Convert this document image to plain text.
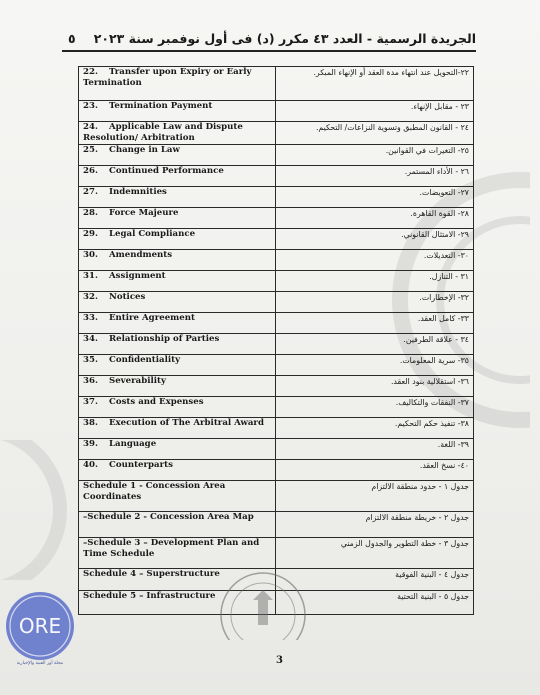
الجريدة الرسمية - العدد ٤٣ مكرر (د) فى أول نوفمبر سنة ٢٠٢٣
٥
22. Transfer upon Expiry or Early Termination	٢٢-التحويل عند انتهاء مدة العقد أو الإنهاء المبكر.
23. Termination Payment	٢٣ - مقابل الإنهاء.
24. Applicable Law and Dispute Resolution/ Arbitration	٢٤ - القانون المطبق وتسوية النزاعات/ التحكيم.
25. Change in Law	٢٥- التغيرات في القوانين.
26. Continued Performance	٢٦ - الأداء المستمر.
27. Indemnities	٢٧- التعويضات.
28. Force Majeure	٢٨- القوة القاهرة.
29. Legal Compliance	٢٩- الامتثال القانوني.
30. Amendments	٣٠- التعديلات.
31. Assignment	٣١ - التنازل.
32. Notices	٣٢- الإخطارات.
33. Entire Agreement	٣٣- كامل العقد.
34. Relationship of Parties	٣٤ - علاقة الطرفين.
35. Confidentiality	٣٥- سرية المعلومات.
36. Severability	٣٦- استقلالية بنود العقد.
37. Costs and Expenses	٣٧- النفقات والتكاليف.
38. Execution of The Arbitral Award	٣٨- تنفيذ حكم التحكيم.
39. Language	٣٩- اللغة.
40. Counterparts	٤٠- نسخ العقد.
Schedule 1 - Concession Area Coordinates	جدول ١ - حدود منطقة الالتزام
–Schedule 2 - Concession Area Map	جدول ٢ - خريطة منطقة الالتزام
–Schedule 3 – Development Plan and Time Schedule	جدول ٣ - خطة التطوير والجدول الزمني
Schedule 4 – Superstructure	جدول ٤ - البنية الفوقية
Schedule 5 – Infrastructure	جدول ٥ - البنية التحتية
3
ORE
مجلة أور الفنية والإخبارية
